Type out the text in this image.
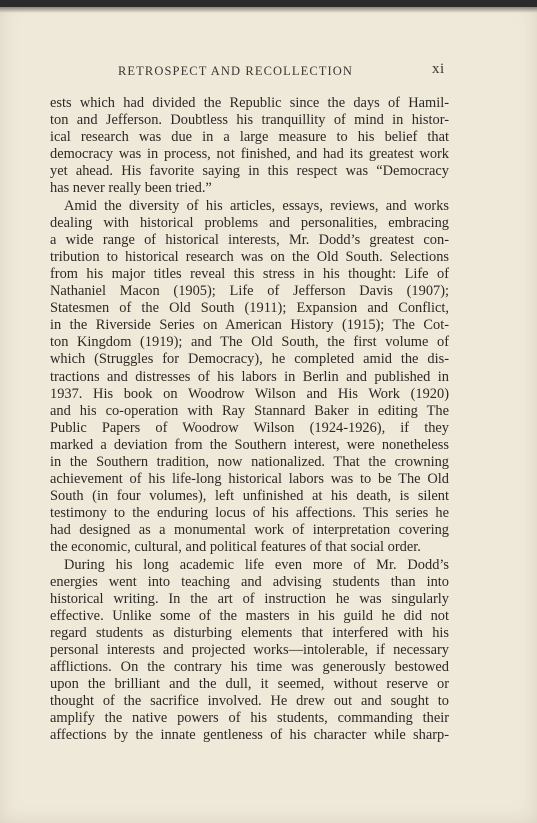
RETROSPECT AND RECOLLECTION	xi
ests which had divided the Republic since the days of Hamil-
ton and Jefferson. Doubtless his tranquillity of mind in histor-
ical research was due in a large measure to his belief that
democracy was in process, not finished, and had its greatest work
yet ahead. His favorite saying in this respect was “Democracy
has never really been tried.”
Amid the diversity of his articles, essays, reviews, and works
dealing with historical problems and personalities, embracing
a wide range of historical interests, Mr. Dodd’s greatest con-
tribution to historical research was on the Old South. Selections
from his major titles reveal this stress in his thought: Life of
Nathaniel Macon (1905); Life of Jefferson Davis (1907);
Statesmen of the Old South (1911); Expansion and Conflict,
in the Riverside Series on American History (1915); The Cot-
ton Kingdom (1919); and The Old South, the first volume of
which (Struggles for Democracy), he completed amid the dis-
tractions and distresses of his labors in Berlin and published in
1937. His book on Woodrow Wilson and His Work (1920)
and his co-operation with Ray Stannard Baker in editing The
Public Papers of Woodrow Wilson (1924-1926), if they
marked a deviation from the Southern interest, were nonetheless
in the Southern tradition, now nationalized. That the crowning
achievement of his life-long historical labors was to be The Old
South (in four volumes), left unfinished at his death, is silent
testimony to the enduring locus of his affections. This series he
had designed as a monumental work of interpretation covering
the economic, cultural, and political features of that social order.
During his long academic life even more of Mr. Dodd’s
energies went into teaching and advising students than into
historical writing. In the art of instruction he was singularly
effective. Unlike some of the masters in his guild he did not
regard students as disturbing elements that interfered with his
personal interests and projected works—intolerable, if necessary
afflictions. On the contrary his time was generously bestowed
upon the brilliant and the dull, it seemed, without reserve or
thought of the sacrifice involved. He drew out and sought to
amplify the native powers of his students, commanding their
affections by the innate gentleness of his character while sharp-
